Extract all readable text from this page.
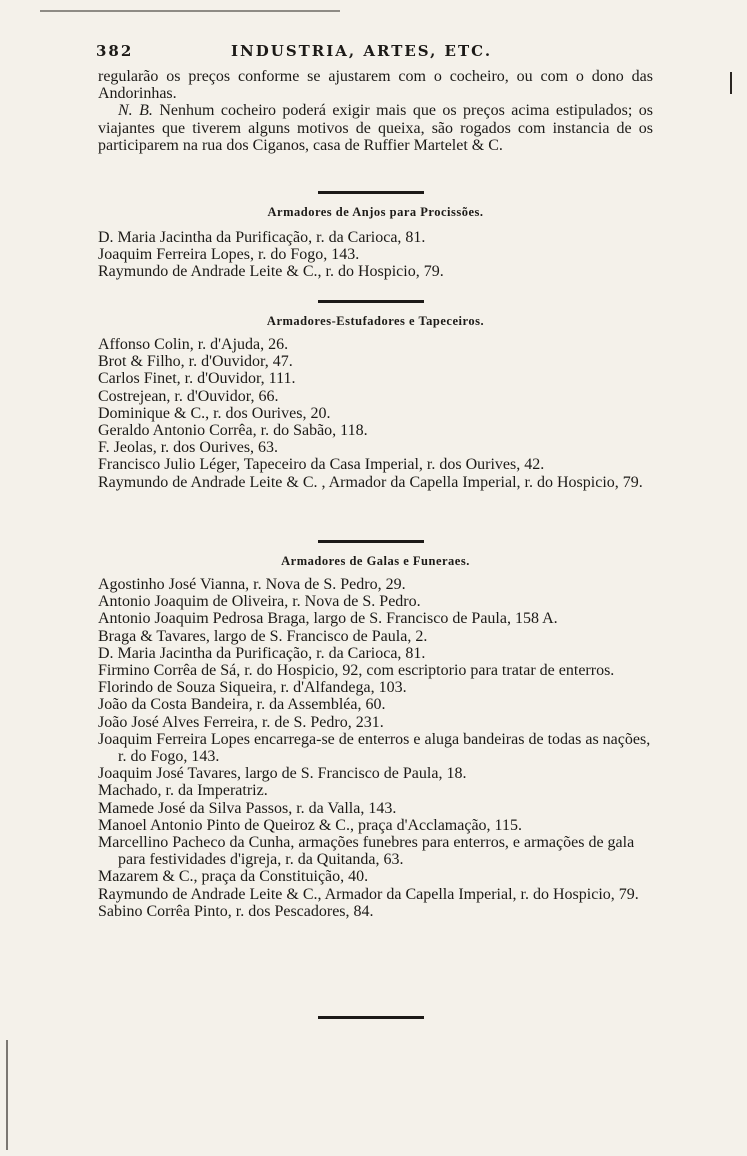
382	INDUSTRIA, ARTES, ETC.

regularão os preços conforme se ajustarem com o cocheiro, ou com o dono das Andorinhas.

N. B. Nenhum cocheiro poderá exigir mais que os preços acima estipulados; os viajantes que tiverem alguns motivos de queixa, são rogados com instancia de os participarem na rua dos Ciganos, casa de Ruffier Martelet & C.

Armadores de Anjos para Procissões.

D. Maria Jacintha da Purificação, r. da Carioca, 81.

Joaquim Ferreira Lopes, r. do Fogo, 143.

Raymundo de Andrade Leite & C., r. do Hospicio, 79.

Armadores-Estufadores e Tapeceiros.

Affonso Colin, r. d'Ajuda, 26.

Brot & Filho, r. d'Ouvidor, 47.

Carlos Finet, r. d'Ouvidor, 111.

Costrejean, r. d'Ouvidor, 66.

Dominique & C., r. dos Ourives, 20.

Geraldo Antonio Corrêa, r. do Sabão, 118.

F. Jeolas, r. dos Ourives, 63.

Francisco Julio Léger, Tapeceiro da Casa Imperial, r. dos Ourives, 42.

Raymundo de Andrade Leite & C. , Armador da Capella Imperial, r. do Hospicio, 79.

Armadores de Galas e Funeraes.

Agostinho José Vianna, r. Nova de S. Pedro, 29.

Antonio Joaquim de Oliveira, r. Nova de S. Pedro.

Antonio Joaquim Pedrosa Braga, largo de S. Francisco de Paula, 158 A.

Braga & Tavares, largo de S. Francisco de Paula, 2.

D. Maria Jacintha da Purificação, r. da Carioca, 81.

Firmino Corrêa de Sá, r. do Hospicio, 92, com escriptorio para tratar de enterros.

Florindo de Souza Siqueira, r. d'Alfandega, 103.

João da Costa Bandeira, r. da Assembléa, 60.

João José Alves Ferreira, r. de S. Pedro, 231.

Joaquim Ferreira Lopes encarrega-se de enterros e aluga bandeiras de todas as nações, r. do Fogo, 143.

Joaquim José Tavares, largo de S. Francisco de Paula, 18.

Machado, r. da Imperatriz.

Mamede José da Silva Passos, r. da Valla, 143.

Manoel Antonio Pinto de Queiroz & C., praça d'Acclamação, 115.

Marcellino Pacheco da Cunha, armações funebres para enterros, e armações de gala para festividades d'igreja, r. da Quitanda, 63.

Mazarem & C., praça da Constituição, 40.

Raymundo de Andrade Leite & C., Armador da Capella Imperial, r. do Hospicio, 79.

Sabino Corrêa Pinto, r. dos Pescadores, 84.
